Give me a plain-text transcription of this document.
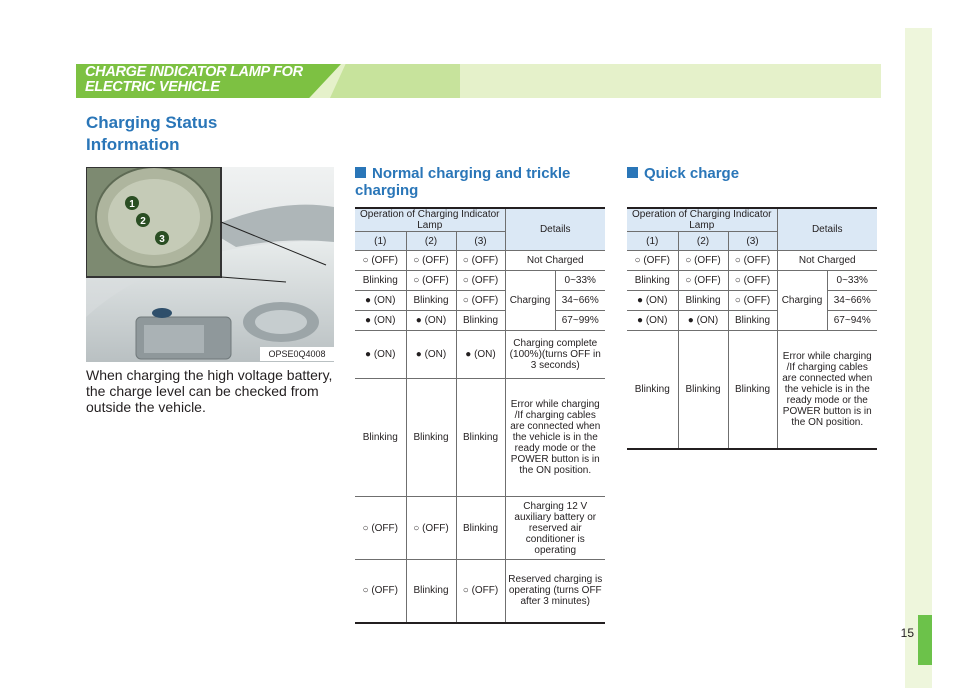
15
CHARGE INDICATOR LAMP FOR
ELECTRIC VEHICLE
Charging Status
Information
1
2
3
OPSE0Q4008
When charging the high voltage battery, the charge level can be checked from outside the vehicle.
Normal charging and trickle charging
Operation of Charging Indicator Lamp			Details	
(1)	(2)	(3)		
○ (OFF)	○ (OFF)	○ (OFF)	Not Charged	
Blinking	○ (OFF)	○ (OFF)	Charging	0~33%
● (ON)	Blinking	○ (OFF)		34~66%
● (ON)	● (ON)	Blinking		67~99%
● (ON)	● (ON)	● (ON)	Charging complete (100%)(turns OFF in 3 seconds)	
Blinking	Blinking	Blinking	Error while charging /If charging cables are connected when the vehicle is in the ready mode or the POWER button is in the ON position.	
○ (OFF)	○ (OFF)	Blinking	Charging 12 V auxiliary battery or reserved air conditioner is operating	
○ (OFF)	Blinking	○ (OFF)	Reserved charging is operating (turns OFF after 3 minutes)	
Quick charge
Operation of Charging Indicator Lamp			Details	
(1)	(2)	(3)		
○ (OFF)	○ (OFF)	○ (OFF)	Not Charged	
Blinking	○ (OFF)	○ (OFF)	Charging	0~33%
● (ON)	Blinking	○ (OFF)		34~66%
● (ON)	● (ON)	Blinking		67~94%
Blinking	Blinking	Blinking	Error while charging /If charging cables are connected when the vehicle is in the ready mode or the POWER button is in the ON position.	
